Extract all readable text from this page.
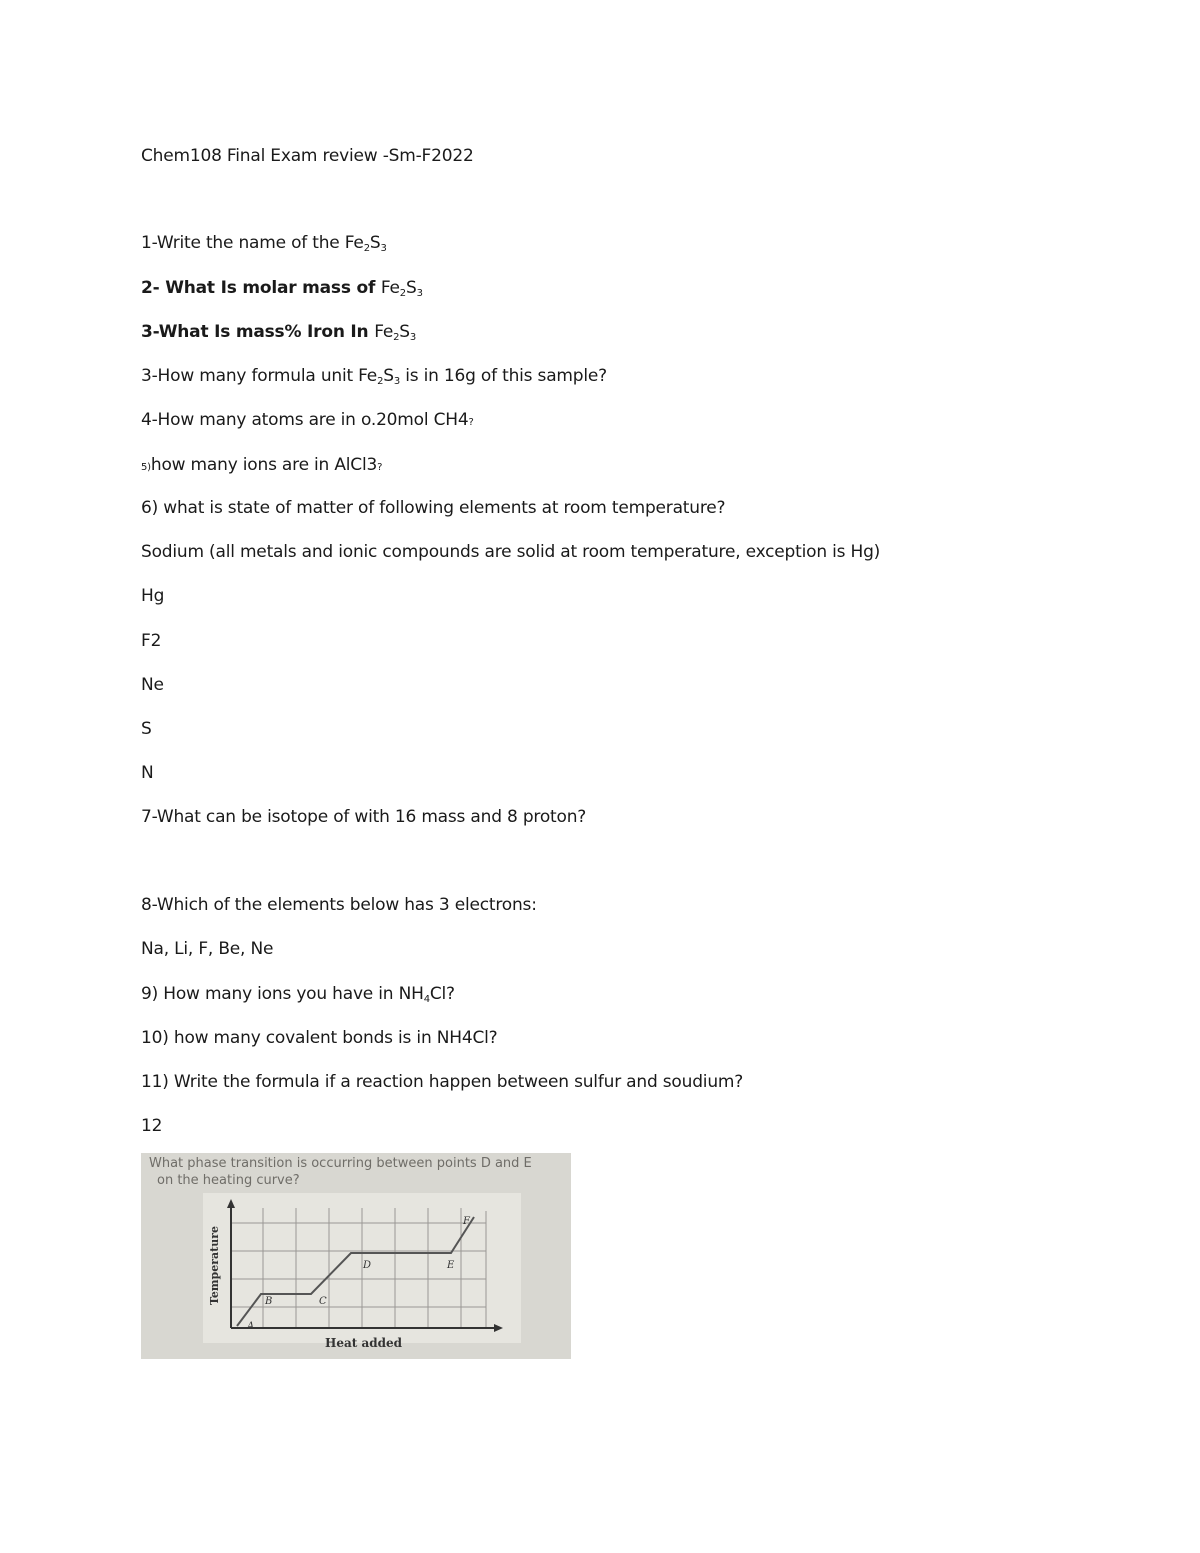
Chem108 Final Exam review -Sm-F2022
1-Write the name of the $Fe_2S_3$
2- What Is molar mass of $Fe_2S_3$
3-What Is mass% Iron In $Fe_2S_3$
3-How many formula unit $Fe_2S_3$ is in 16g of this sample?
4-How many atoms are in o.20mol CH4?
5)how many ions are in AlCl3?
6) what is state of matter of following elements at room temperature?
Sodium (all metals and ionic compounds are solid at room temperature, exception is Hg)
Hg
F2
Ne
S
N
7-What can be isotope of with 16 mass and 8 proton?
8-Which of the elements below has 3 electrons:
Na, Li, F, Be, Ne
9) How many ions you have in $NH_4Cl$?
10) how many covalent bonds is in NH4Cl?
11) Write the formula if a reaction happen between sulfur and soudium?
12
What phase transition is occurring between points D and E
on the heating curve?
A
B	C
D	E
F
Temperature
Heat added
